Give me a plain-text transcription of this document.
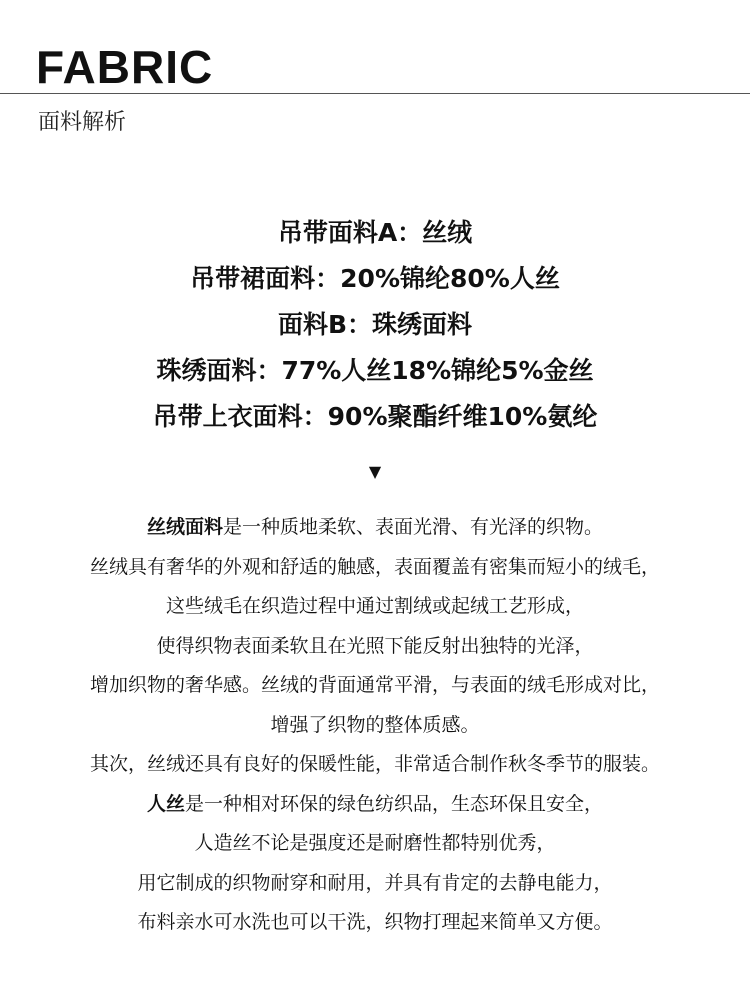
FABRIC
面料解析
吊带面料A：丝绒
吊带裙面料：20%锦纶80%人丝
面料B：珠绣面料
珠绣面料：77%人丝18%锦纶5%金丝
吊带上衣面料：90%聚酯纤维10%氨纶
▼
丝绒面料是一种质地柔软、表面光滑、有光泽的织物。
丝绒具有奢华的外观和舒适的触感，表面覆盖有密集而短小的绒毛，
这些绒毛在织造过程中通过割绒或起绒工艺形成，
使得织物表面柔软且在光照下能反射出独特的光泽，
增加织物的奢华感。丝绒的背面通常平滑，与表面的绒毛形成对比，
增强了织物的整体质感。
其次，丝绒还具有良好的保暖性能，非常适合制作秋冬季节的服装。
人丝是一种相对环保的绿色纺织品，生态环保且安全，
人造丝不论是强度还是耐磨性都特别优秀，
用它制成的织物耐穿和耐用，并具有肯定的去静电能力，
布料亲水可水洗也可以干洗，织物打理起来简单又方便。
